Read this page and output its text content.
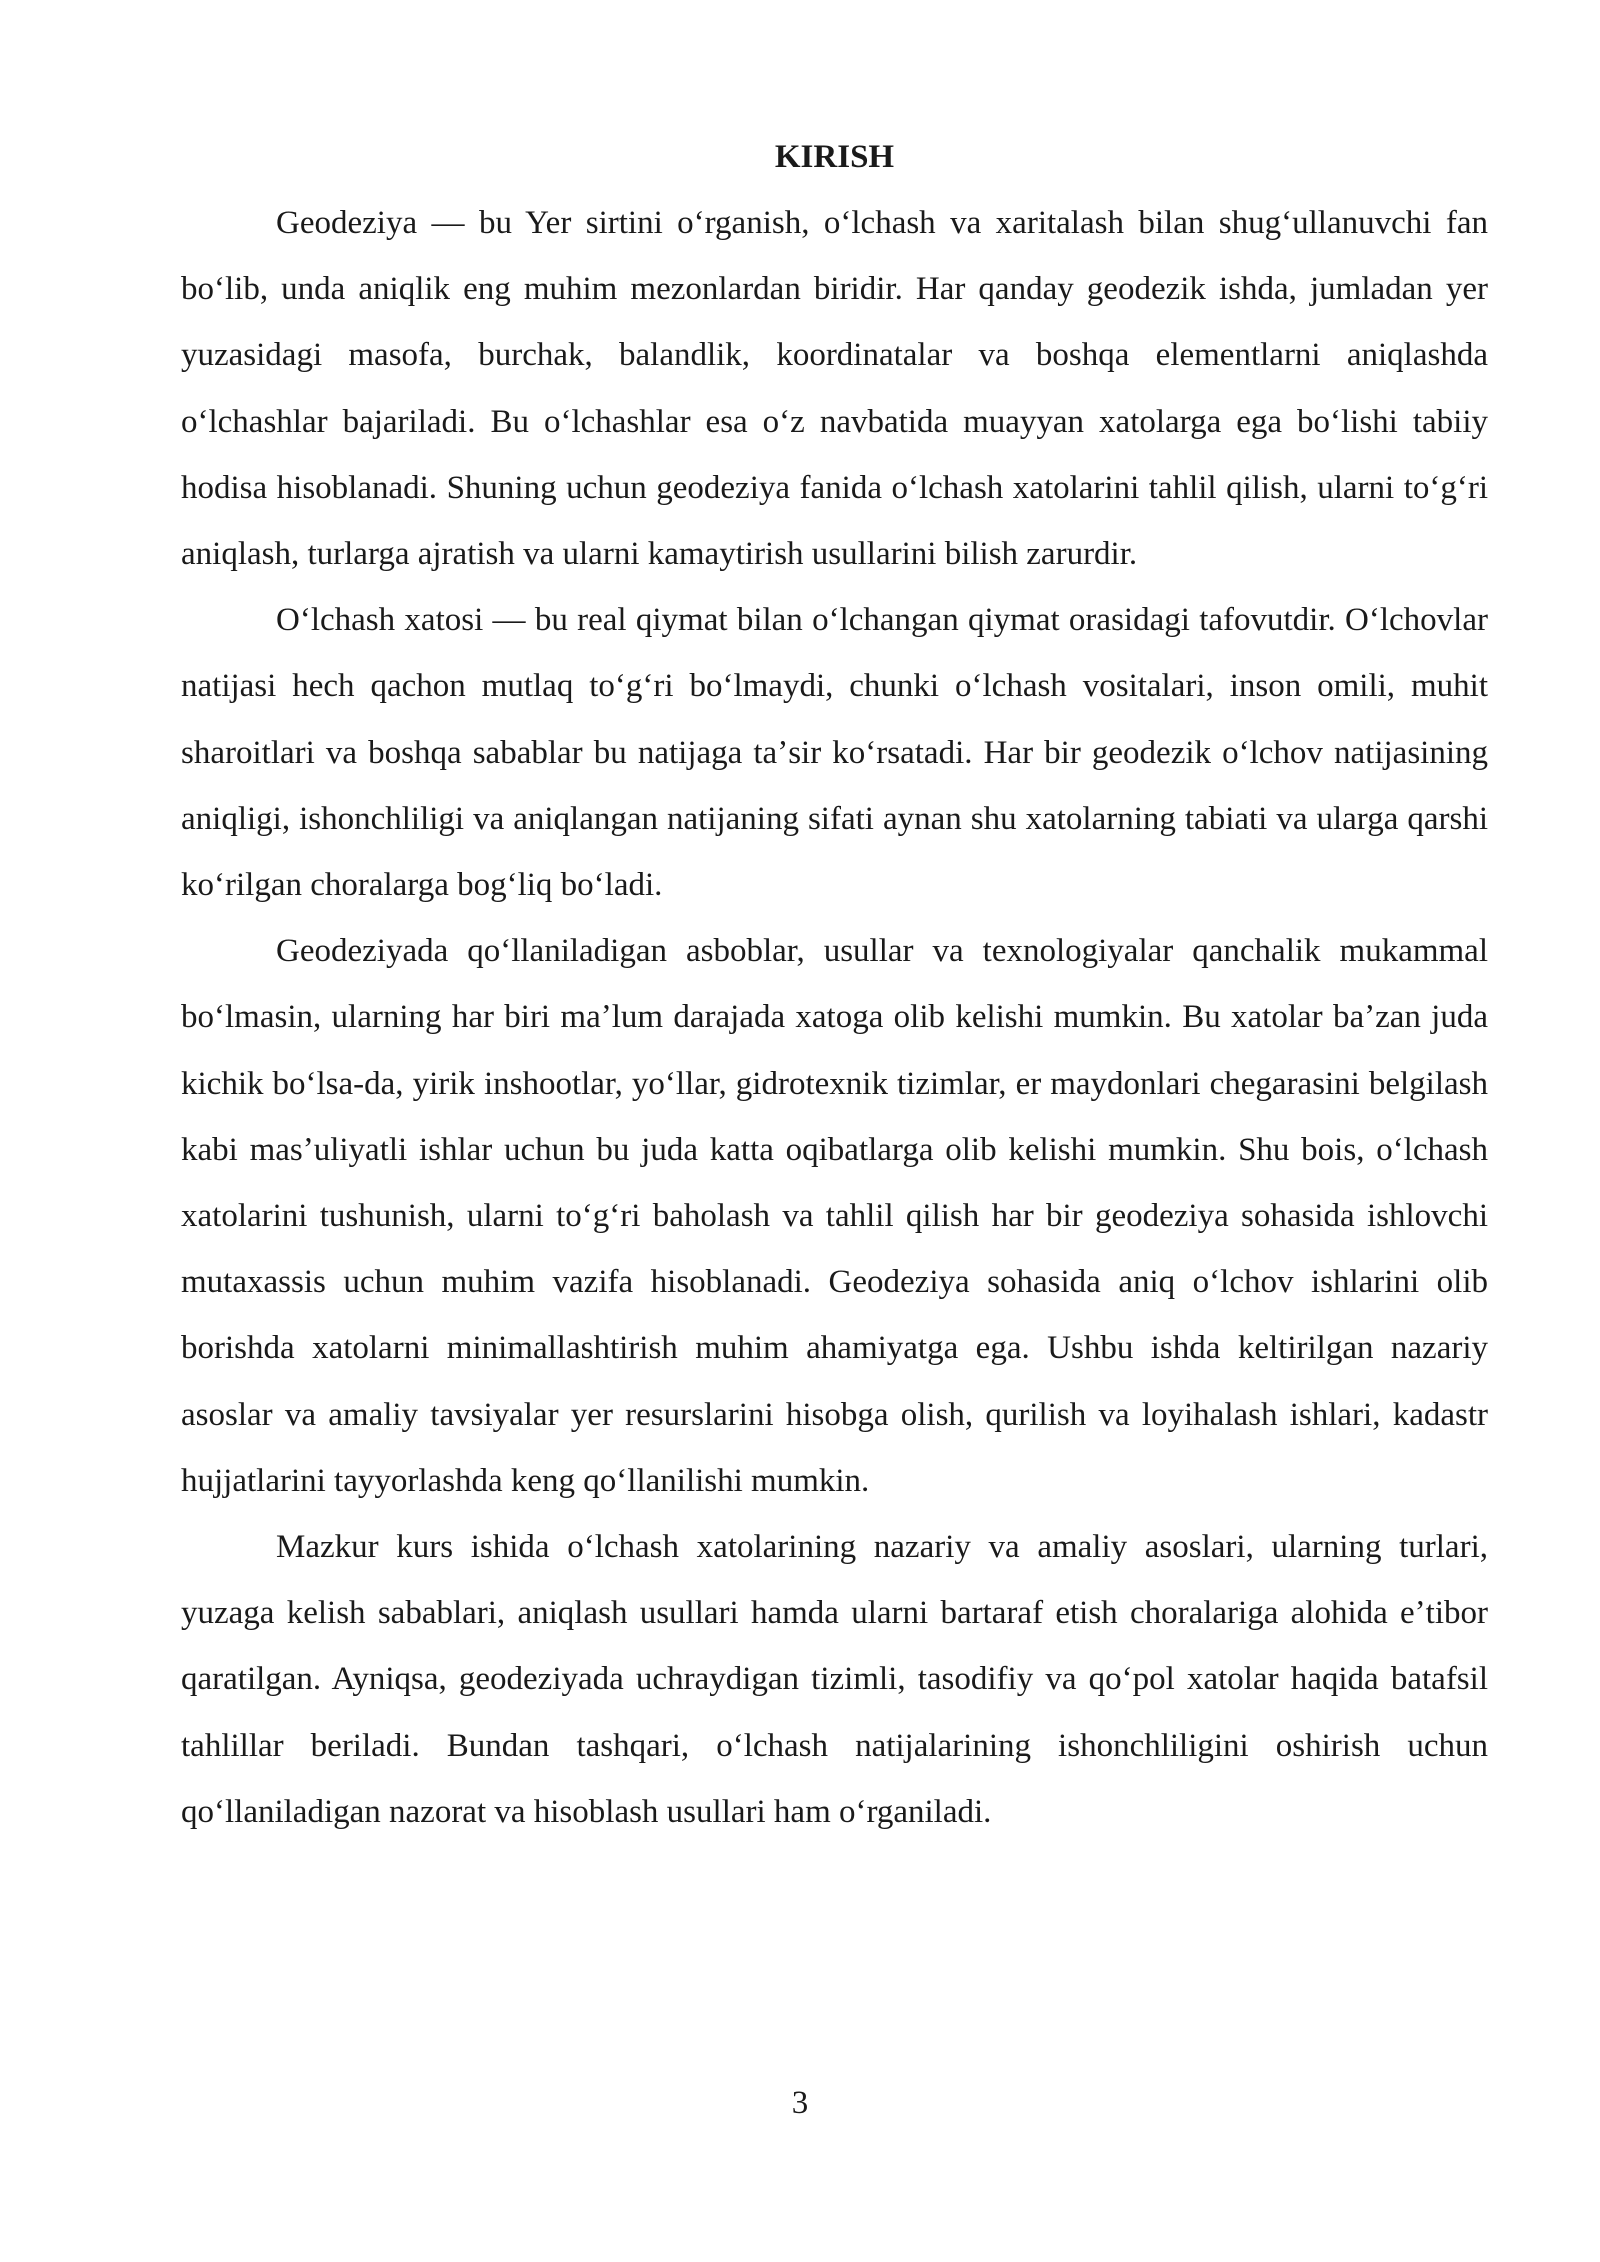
KIRISH

Geodeziya — bu Yer sirtini oʻrganish, oʻlchash va xaritalash bilan shugʻullanuvchi fan boʻlib, unda aniqlik eng muhim mezonlardan biridir. Har qanday geodezik ishda, jumladan yer yuzasidagi masofa, burchak, balandlik, koordinatalar va boshqa elementlarni aniqlashda oʻlchashlar bajariladi. Bu oʻlchashlar esa oʻz navbatida muayyan xatolarga ega boʻlishi tabiiy hodisa hisoblanadi. Shuning uchun geodeziya fanida oʻlchash xatolarini tahlil qilish, ularni toʻgʻri aniqlash, turlarga ajratish va ularni kamaytirish usullarini bilish zarurdir.

Oʻlchash xatosi — bu real qiymat bilan oʻlchangan qiymat orasidagi tafovutdir. Oʻlchovlar natijasi hech qachon mutlaq toʻgʻri boʻlmaydi, chunki oʻlchash vositalari, inson omili, muhit sharoitlari va boshqa sabablar bu natijaga taʼsir koʻrsatadi. Har bir geodezik oʻlchov natijasining aniqligi, ishonchliligi va aniqlangan natijaning sifati aynan shu xatolarning tabiati va ularga qarshi koʻrilgan choralarga bogʻliq boʻladi.

Geodeziyada qoʻllaniladigan asboblar, usullar va texnologiyalar qanchalik mukammal boʻlmasin, ularning har biri maʼlum darajada xatoga olib kelishi mumkin. Bu xatolar baʼzan juda kichik boʻlsa-da, yirik inshootlar, yoʻllar, gidrotexnik tizimlar, er maydonlari chegarasini belgilash kabi masʼuliyatli ishlar uchun bu juda katta oqibatlarga olib kelishi mumkin. Shu bois, oʻlchash xatolarini tushunish, ularni toʻgʻri baholash va tahlil qilish har bir geodeziya sohasida ishlovchi mutaxassis uchun muhim vazifa hisoblanadi. Geodeziya sohasida aniq oʻlchov ishlarini olib borishda xatolarni minimallashtirish muhim ahamiyatga ega. Ushbu ishda keltirilgan nazariy asoslar va amaliy tavsiyalar yer resurslarini hisobga olish, qurilish va loyihalash ishlari, kadastr hujjatlarini tayyorlashda keng qoʻllanilishi mumkin.

Mazkur kurs ishida oʻlchash xatolarining nazariy va amaliy asoslari, ularning turlari, yuzaga kelish sabablari, aniqlash usullari hamda ularni bartaraf etish choralariga alohida eʼtibor qaratilgan. Ayniqsa, geodeziyada uchraydigan tizimli, tasodifiy va qoʻpol xatolar haqida batafsil tahlillar beriladi. Bundan tashqari, oʻlchash natijalarining ishonchliligini oshirish uchun qoʻllaniladigan nazorat va hisoblash usullari ham oʻrganiladi.

3
